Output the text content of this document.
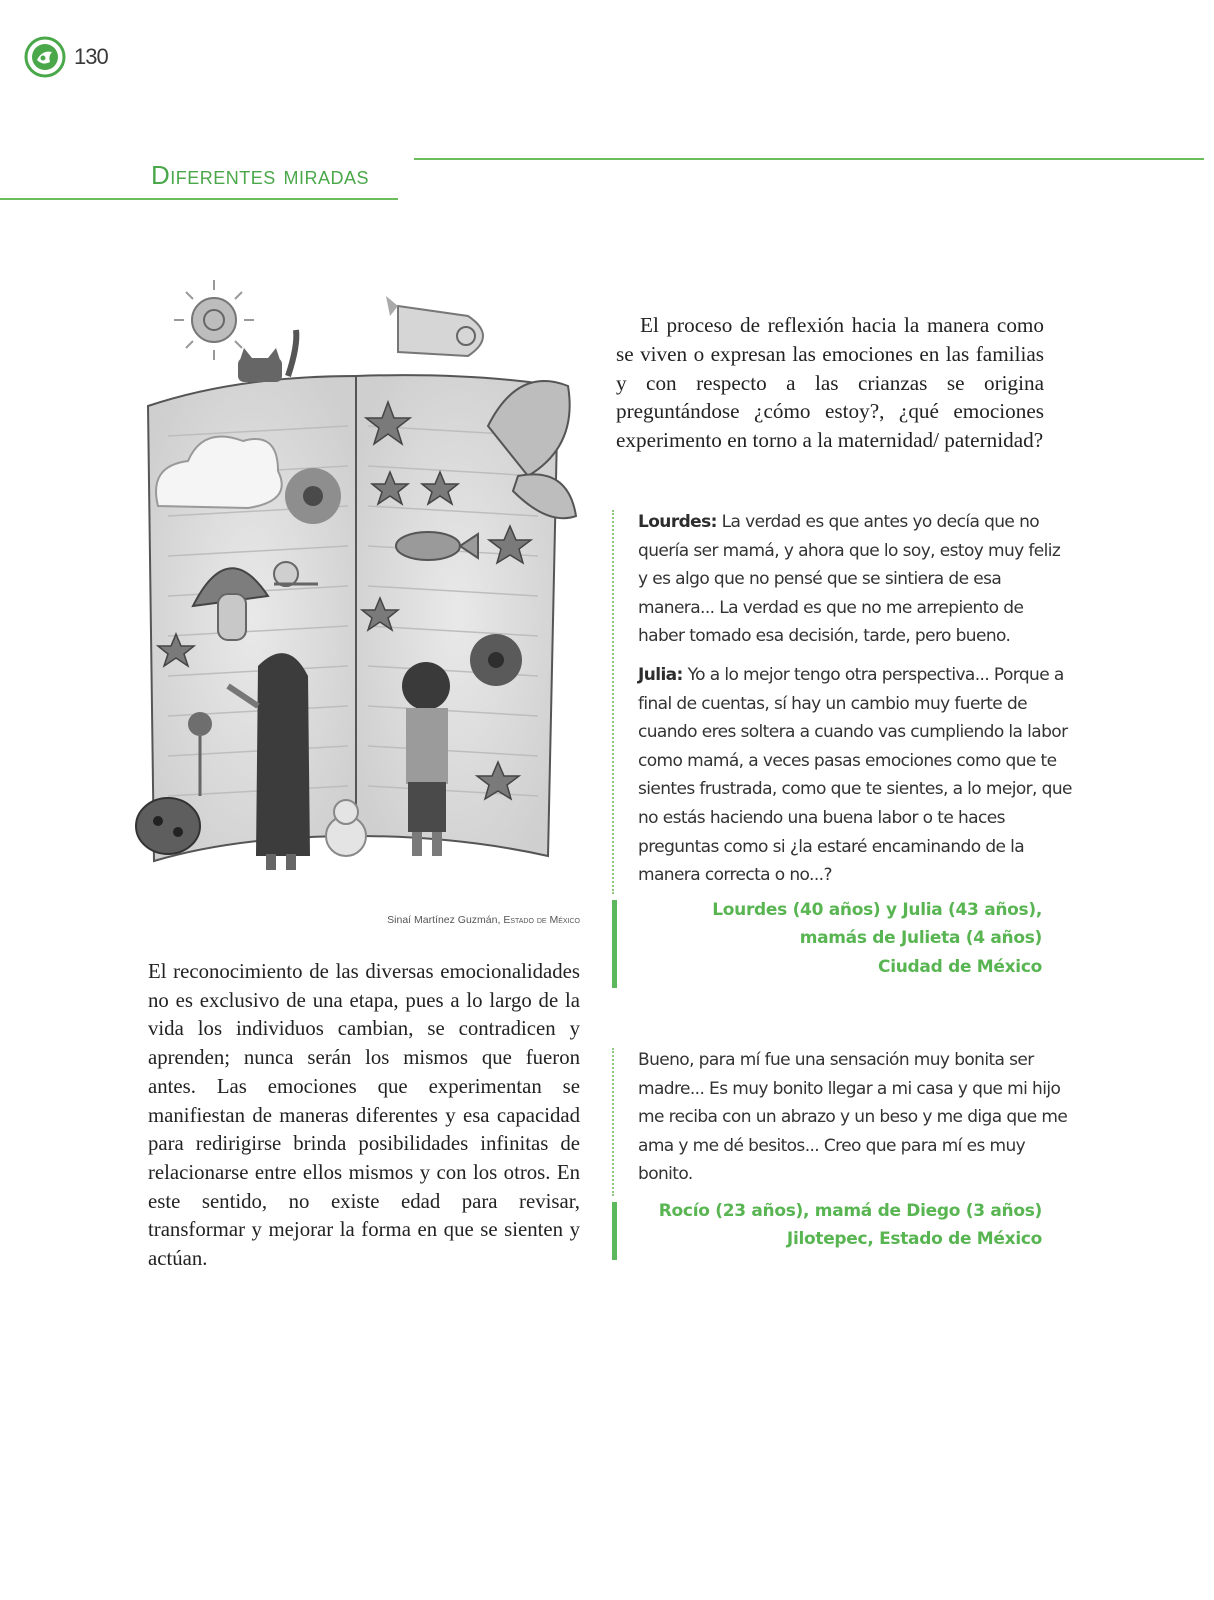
130
Diferentes miradas
Sinaí Martínez Guzmán, Estado de México

El reconocimiento de las diversas emocionalidades no es exclusivo de una etapa, pues a lo largo de la vida los individuos cambian, se contradicen y aprenden; nunca serán los mismos que fueron antes. Las emociones que experimentan se manifiestan de maneras diferentes y esa capacidad para redirigirse brinda posibilidades infinitas de relacionarse entre ellos mismos y con los otros. En este sentido, no existe edad para revisar, transformar y mejorar la forma en que se sienten y actúan.

El proceso de reflexión hacia la manera como se viven o expresan las emociones en las familias y con respecto a las crianzas se origina preguntándose ¿cómo estoy?, ¿qué emociones experimento en torno a la maternidad/ paternidad?

Lourdes: La verdad es que antes yo decía que no quería ser mamá, y ahora que lo soy, estoy muy feliz y es algo que no pensé que se sintiera de esa manera... La verdad es que no me arrepiento de haber tomado esa decisión, tarde, pero bueno.

Julia: Yo a lo mejor tengo otra perspectiva... Porque a final de cuentas, sí hay un cambio muy fuerte de cuando eres soltera a cuando vas cumpliendo la labor como mamá, a veces pasas emociones como que te sientes frustrada, como que te sientes, a lo mejor, que no estás haciendo una buena labor o te haces preguntas como si ¿la estaré encaminando de la manera correcta o no...?

Lourdes (40 años) y Julia (43 años),
mamás de Julieta (4 años)
Ciudad de México

Bueno, para mí fue una sensación muy bonita ser madre... Es muy bonito llegar a mi casa y que mi hijo me reciba con un abrazo y un beso y me diga que me ama y me dé besitos... Creo que para mí es muy bonito.

Rocío (23 años), mamá de Diego (3 años)
Jilotepec, Estado de México
